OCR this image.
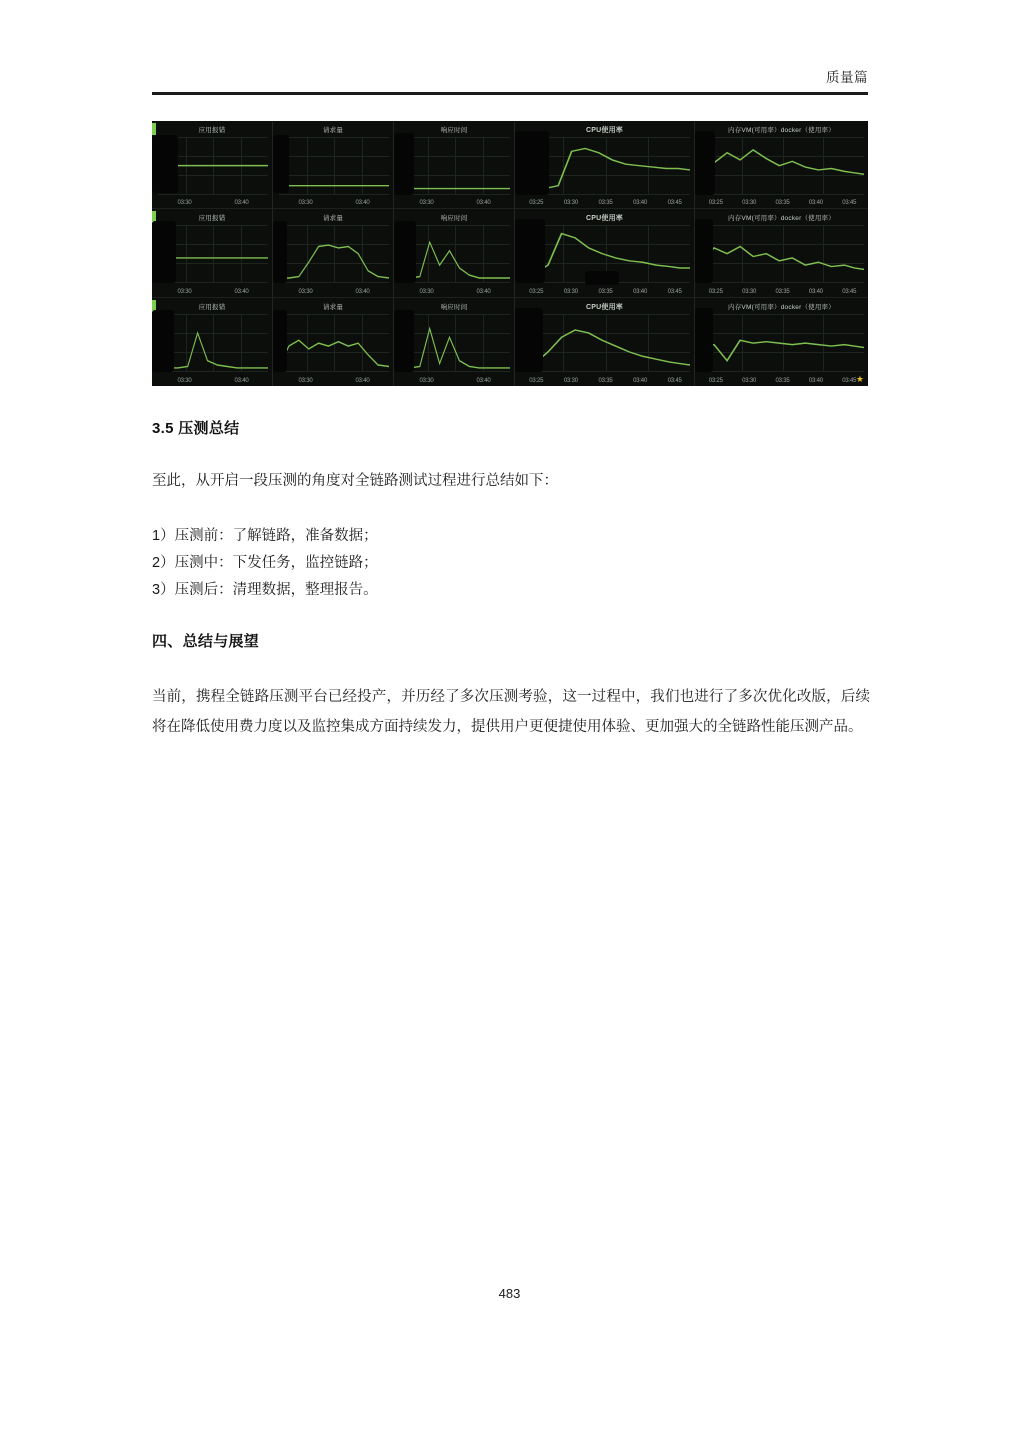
质量篇
应用报错
03:30	03:40
请求量
03:30	03:40
响应时间
03:30	03:40
CPU使用率
03:25	03:30	03:35	03:40	03:45
内存VM(可用率）docker（使用率）
03:25	03:30	03:35	03:40	03:45
应用报错
03:30	03:40
请求量
03:30	03:40
响应时间
03:30	03:40
CPU使用率
03:25	03:30	03:35	03:40	03:45
内存VM(可用率）docker（使用率）
03:25	03:30	03:35	03:40	03:45
应用报错
03:30	03:40
请求量
03:30	03:40
响应时间
03:30	03:40
CPU使用率
03:25	03:30	03:35	03:40	03:45
内存VM(可用率）docker（使用率）
★
03:25	03:30	03:35	03:40	03:45
3.5 压测总结
至此，从开启一段压测的角度对全链路测试过程进行总结如下：
1）压测前：了解链路，准备数据；
2）压测中：下发任务，监控链路；
3）压测后：清理数据，整理报告。
四、总结与展望
当前，携程全链路压测平台已经投产，并历经了多次压测考验，这一过程中，我们也进行了多次优化改版，后续将在降低使用费力度以及监控集成方面持续发力，提供用户更便捷使用体验、更加强大的全链路性能压测产品。
483
